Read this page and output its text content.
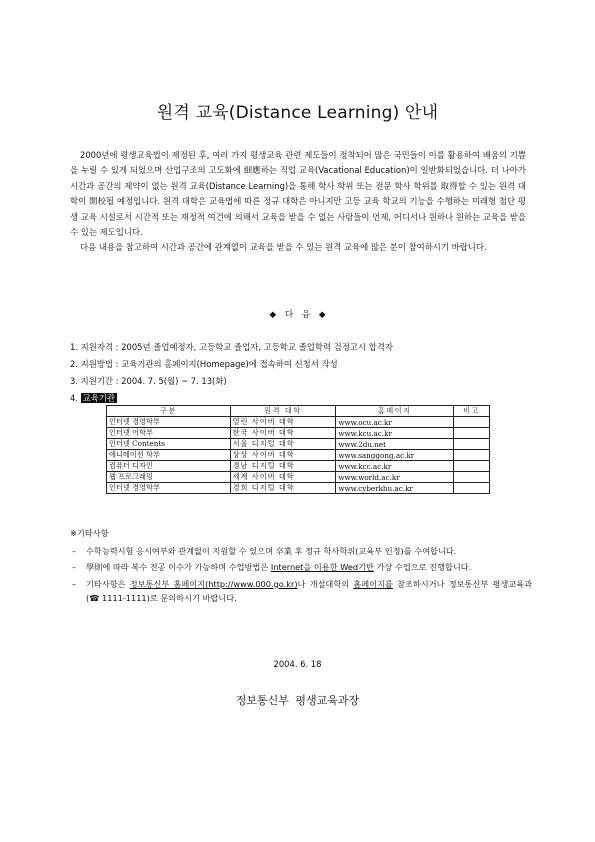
원격 교육(Distance Learning) 안내

2000년에 평생교육법이 제정된 후, 여러 가지 평생교육 관련 제도들이 정착되어 많은 국민들이 이를 활용하여 배움의 기쁨을 누릴 수 있게 되었으며 산업구조의 고도화에 細應하는 직업 교육(Vacational Education)이 일반화되었습니다. 더 나아가 시간과 공간의 제약이 없는 원격 교육(Distance Learning)을 통해 학사 학위 또는 전문 학사 학위를 取得할 수 있는 원격 대학이 開校될 예정입니다. 원격 대학은 교육법에 따른 정규 대학은 아니지만 고등 교육 학교의 기능을 수행하는 미래형 첨단 평생 교육 시설로서 시간적 또는 재정적 여건에 의해서 교육을 받을 수 없는 사람들이 언제, 어디서나 원하나 원하는 교육을 받을 수 있는 제도입니다.

다음 내용을 참고하여 시간과 공간에 관계없이 교육을 받을 수 있는 원격 교육에 많은 분이 참여하시기 바랍니다.

◆ 다 음 ◆
1. 지원자격 : 2005년 졸업예정자, 고등학교 졸업자, 고등학교 졸업학력 검정고시 합격자
2. 지원방법 : 교육기관의 홈페이지(Homepage)에 접속하여 신청서 작성
3. 지원기간 : 2004. 7. 5(월) ~ 7. 13(화)
4. 교육기관
구분	원격 대학	홈페이지	비고
인터넷 경영학부	열린 사이버 대학	www.ocu.ac.kr	
인터넷 어학부	한국 사이버 대학	www.kcu.ac.kr	
인터넷 Contents	서울 디지털 대학	www.2du.net	
애니메이션 학부	상상 사이버 대학	www.sanggong.ac.kr	
컴퓨터 디자인	경남 디지털 대학	www.kcc.ac.kr	
웹 프로그래밍	세계 사이버 대학	www.world.ac.kr	
인터넷 경영학부	경희 디지털 대학	www.cyberkhu.ac.kr	
※기타사항
–	수학능력시험 응시여부와 관계없이 지원할 수 있으며 卒業 후 정규 학사학위(교육부 인정)를 수여합니다.
–	學則에 따라 복수 전공 이수가 가능하며 수업방법은 Internet을 이용한 Wed기반 가상 수업으로 진행합니다.
–	기타사항은 정보통신부 홈페이지(http://www.000.go.kr)나 개설대학의 홈페이지를 참조하시거나 정보통신부 평생교육과(☎ 1111-1111)로 문의하시기 바랍니다.
2004. 6. 18
정보통신부 평생교육과장
